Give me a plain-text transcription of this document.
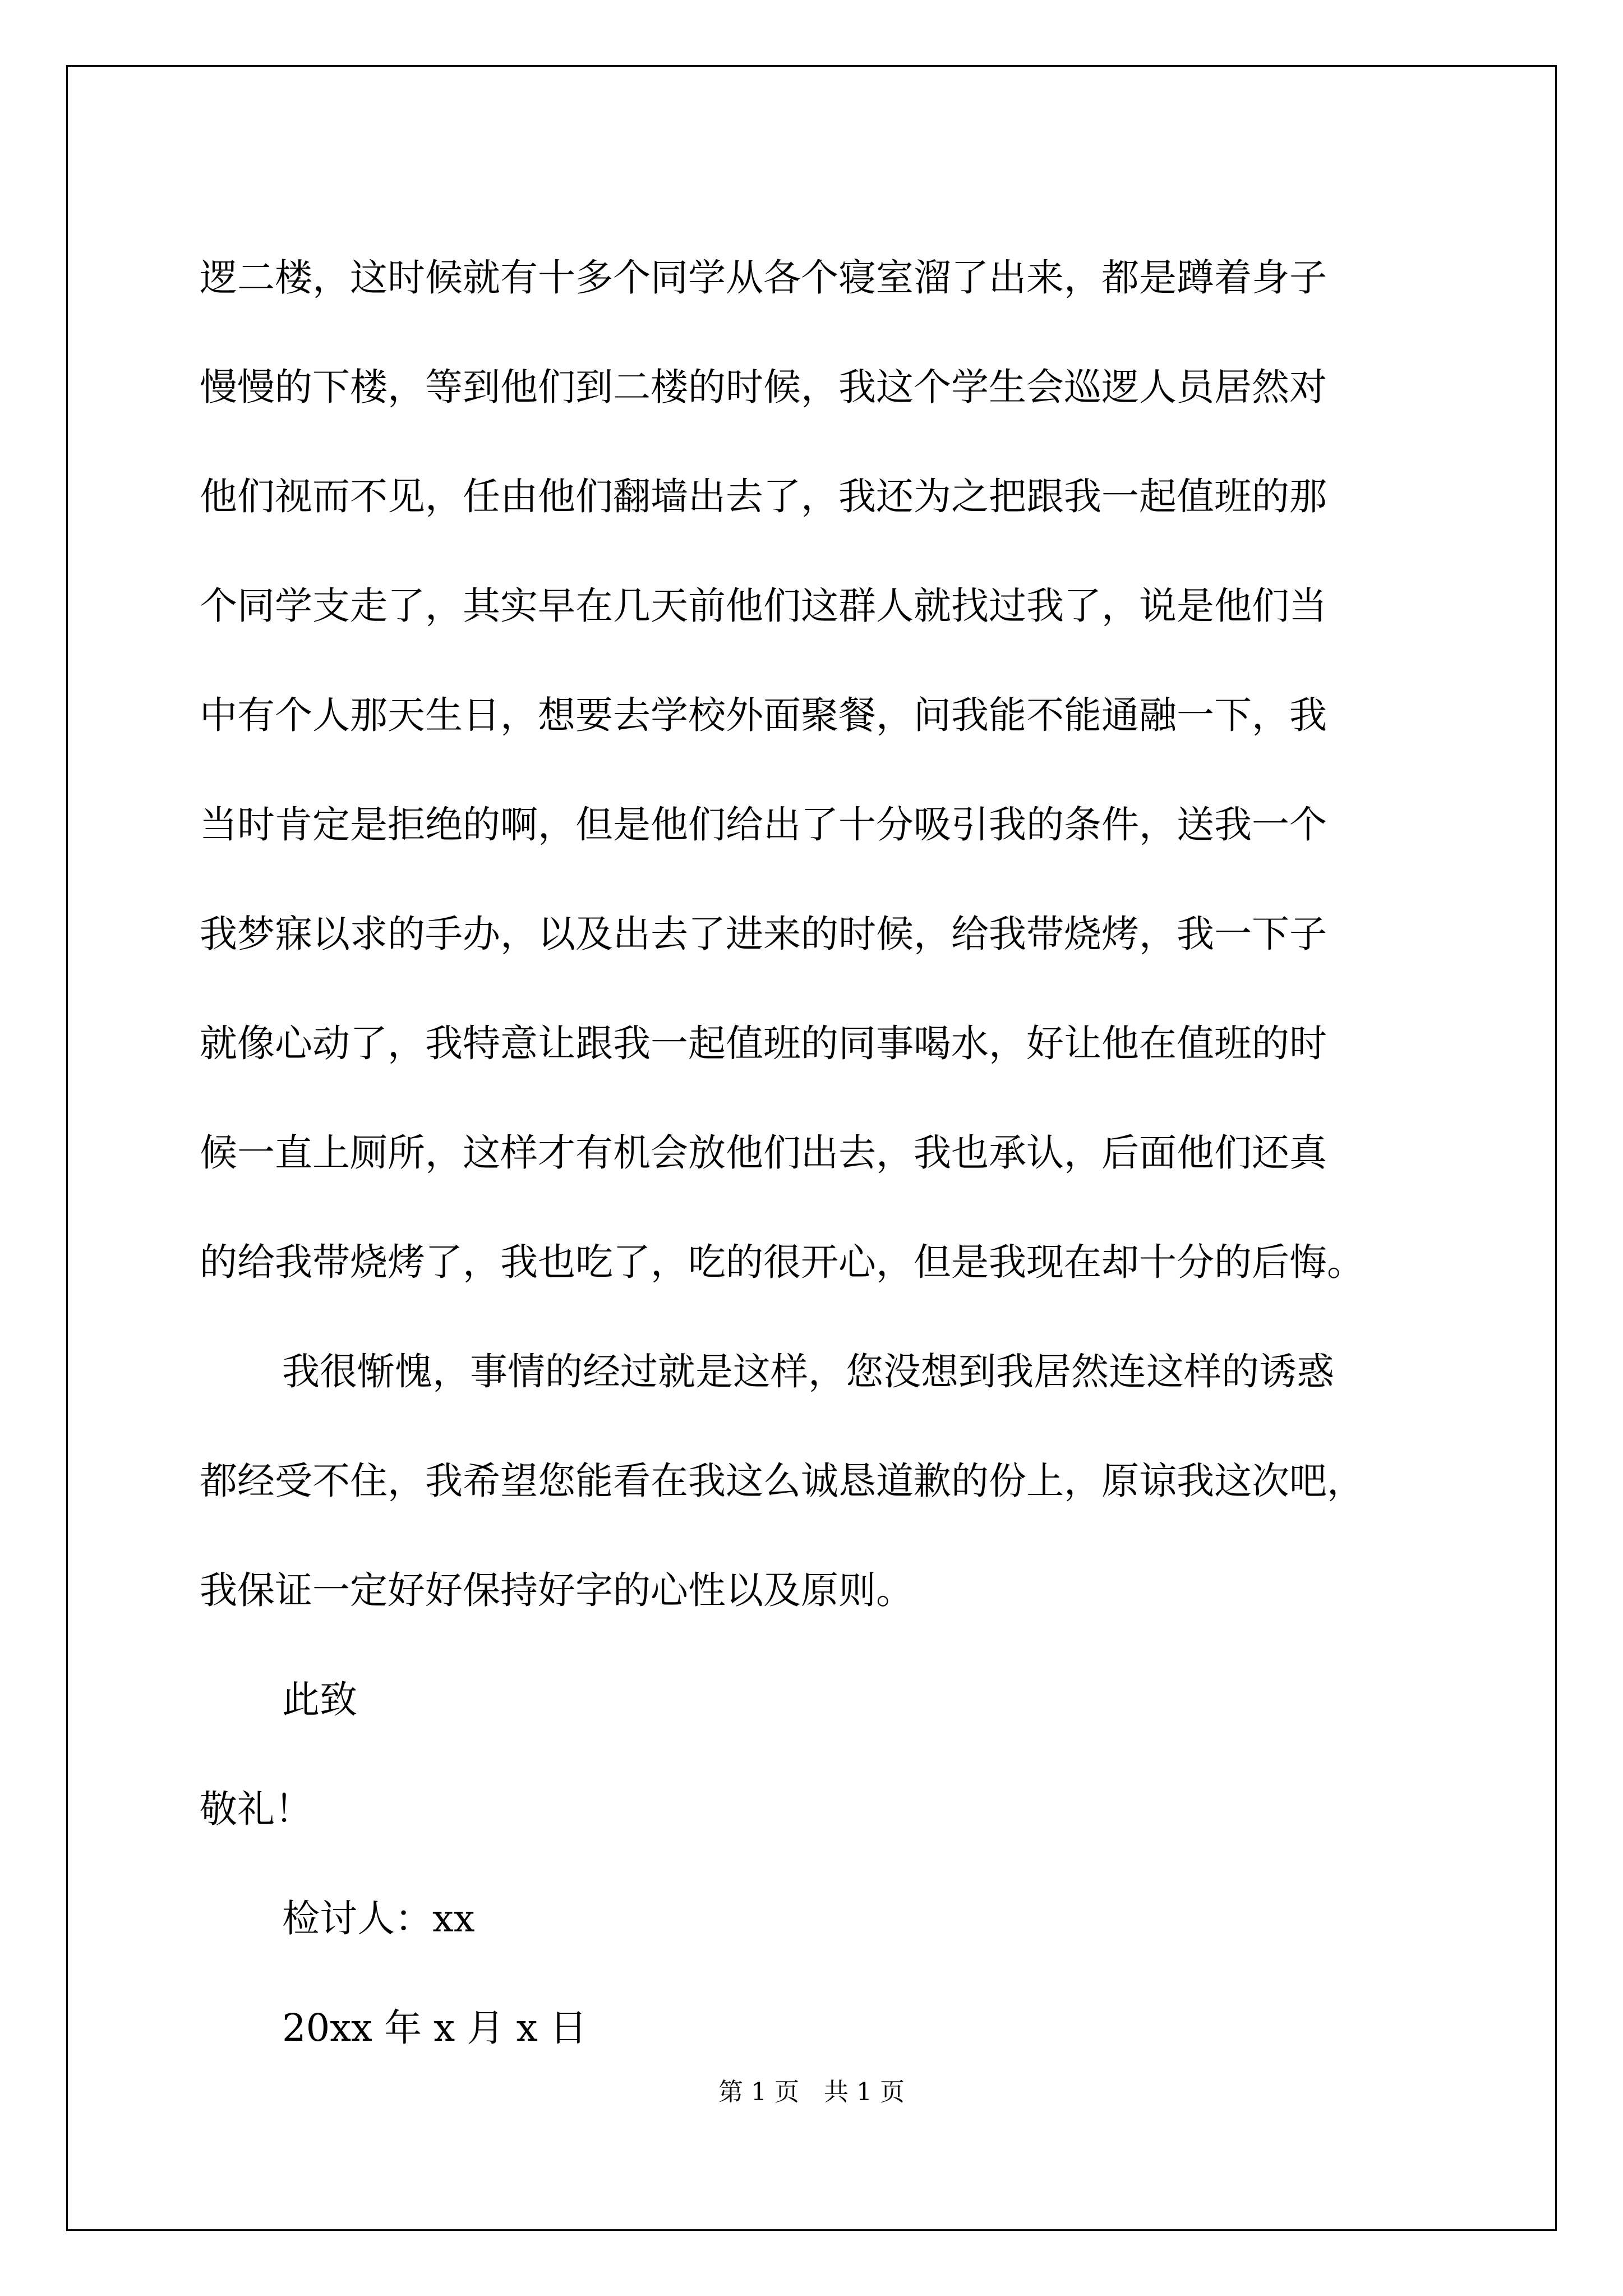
逻二楼，这时候就有十多个同学从各个寝室溜了出来，都是蹲着身子
慢慢的下楼，等到他们到二楼的时候，我这个学生会巡逻人员居然对
他们视而不见，任由他们翻墙出去了，我还为之把跟我一起值班的那
个同学支走了，其实早在几天前他们这群人就找过我了，说是他们当
中有个人那天生日，想要去学校外面聚餐，问我能不能通融一下，我
当时肯定是拒绝的啊，但是他们给出了十分吸引我的条件，送我一个
我梦寐以求的手办，以及出去了进来的时候，给我带烧烤，我一下子
就像心动了，我特意让跟我一起值班的同事喝水，好让他在值班的时
候一直上厕所，这样才有机会放他们出去，我也承认，后面他们还真
的给我带烧烤了，我也吃了，吃的很开心，但是我现在却十分的后悔。
我很惭愧，事情的经过就是这样，您没想到我居然连这样的诱惑
都经受不住，我希望您能看在我这么诚恳道歉的份上，原谅我这次吧，
我保证一定好好保持好字的心性以及原则。
此致
敬礼！
检讨人：xx
20xx 年 x 月 x 日
第 1 页　共 1 页
